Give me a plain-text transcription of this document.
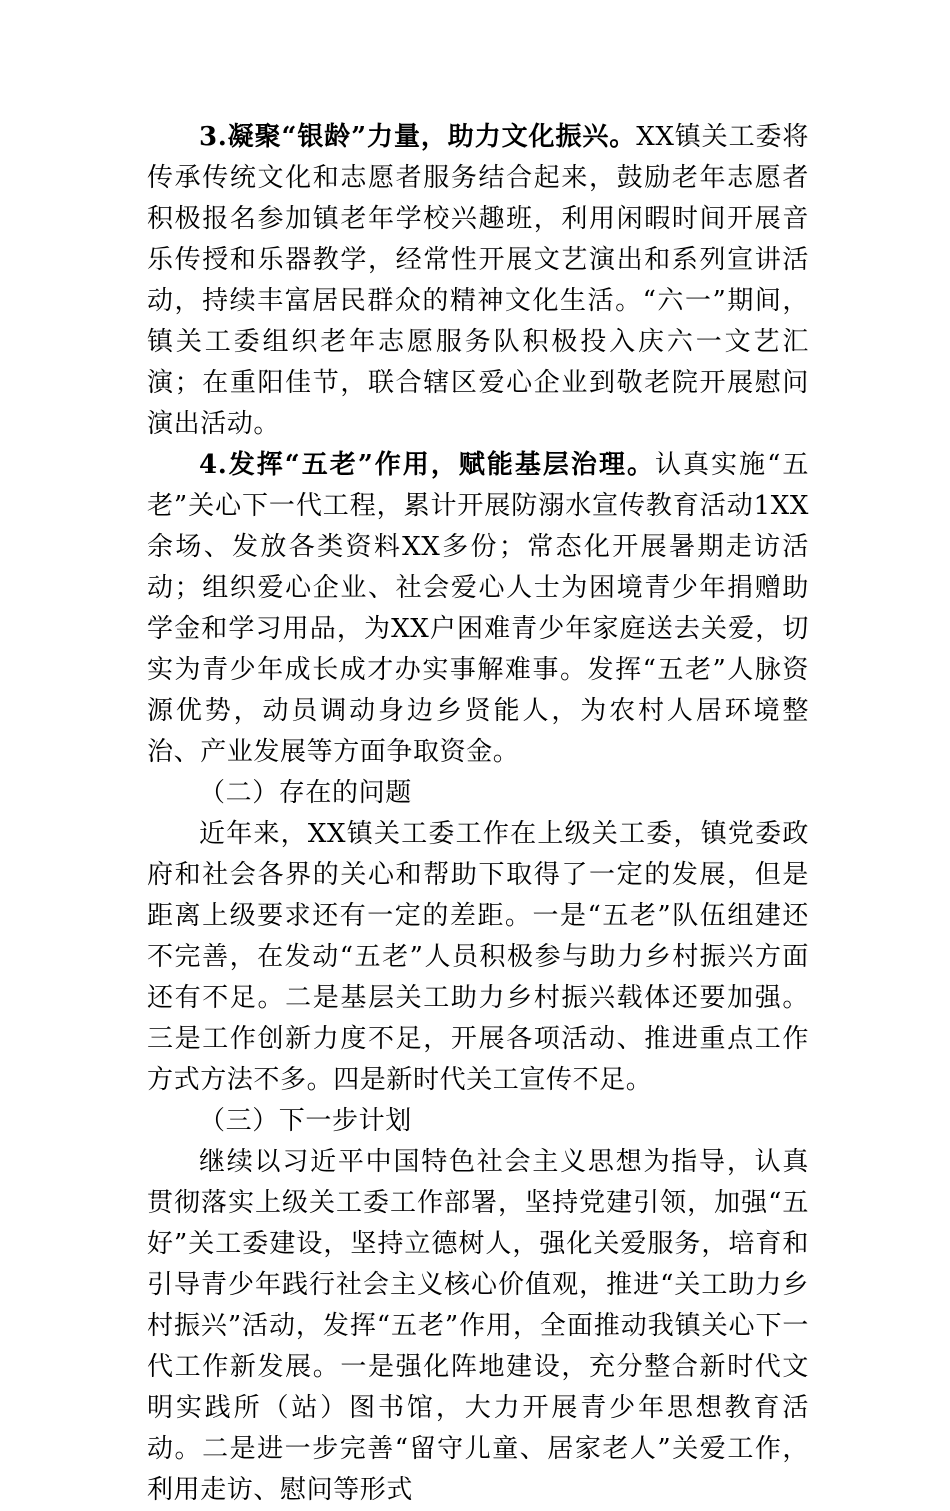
3.凝聚“银龄”力量，助力文化振兴。XX镇关工委将传承传统文化和志愿者服务结合起来，鼓励老年志愿者积极报名参加镇老年学校兴趣班，利用闲暇时间开展音乐传授和乐器教学，经常性开展文艺演出和系列宣讲活动，持续丰富居民群众的精神文化生活。“六一”期间，镇关工委组织老年志愿服务队积极投入庆六一文艺汇演；在重阳佳节，联合辖区爱心企业到敬老院开展慰问演出活动。

4.发挥“五老”作用，赋能基层治理。认真实施“五老”关心下一代工程，累计开展防溺水宣传教育活动1XX余场、发放各类资料XX多份；常态化开展暑期走访活动；组织爱心企业、社会爱心人士为困境青少年捐赠助学金和学习用品，为XX户困难青少年家庭送去关爱，切实为青少年成长成才办实事解难事。发挥“五老”人脉资源优势，动员调动身边乡贤能人，为农村人居环境整治、产业发展等方面争取资金。

（二）存在的问题

近年来，XX镇关工委工作在上级关工委，镇党委政府和社会各界的关心和帮助下取得了一定的发展，但是距离上级要求还有一定的差距。一是“五老”队伍组建还不完善，在发动“五老”人员积极参与助力乡村振兴方面还有不足。二是基层关工助力乡村振兴载体还要加强。三是工作创新力度不足，开展各项活动、推进重点工作方式方法不多。四是新时代关工宣传不足。

（三）下一步计划

继续以习近平中国特色社会主义思想为指导，认真贯彻落实上级关工委工作部署，坚持党建引领，加强“五好”关工委建设，坚持立德树人，强化关爱服务，培育和引导青少年践行社会主义核心价值观，推进“关工助力乡村振兴”活动，发挥“五老”作用，全面推动我镇关心下一代工作新发展。一是强化阵地建设，充分整合新时代文明实践所（站）图书馆，大力开展青少年思想教育活动。二是进一步完善“留守儿童、居家老人”关爱工作，利用走访、慰问等形式
